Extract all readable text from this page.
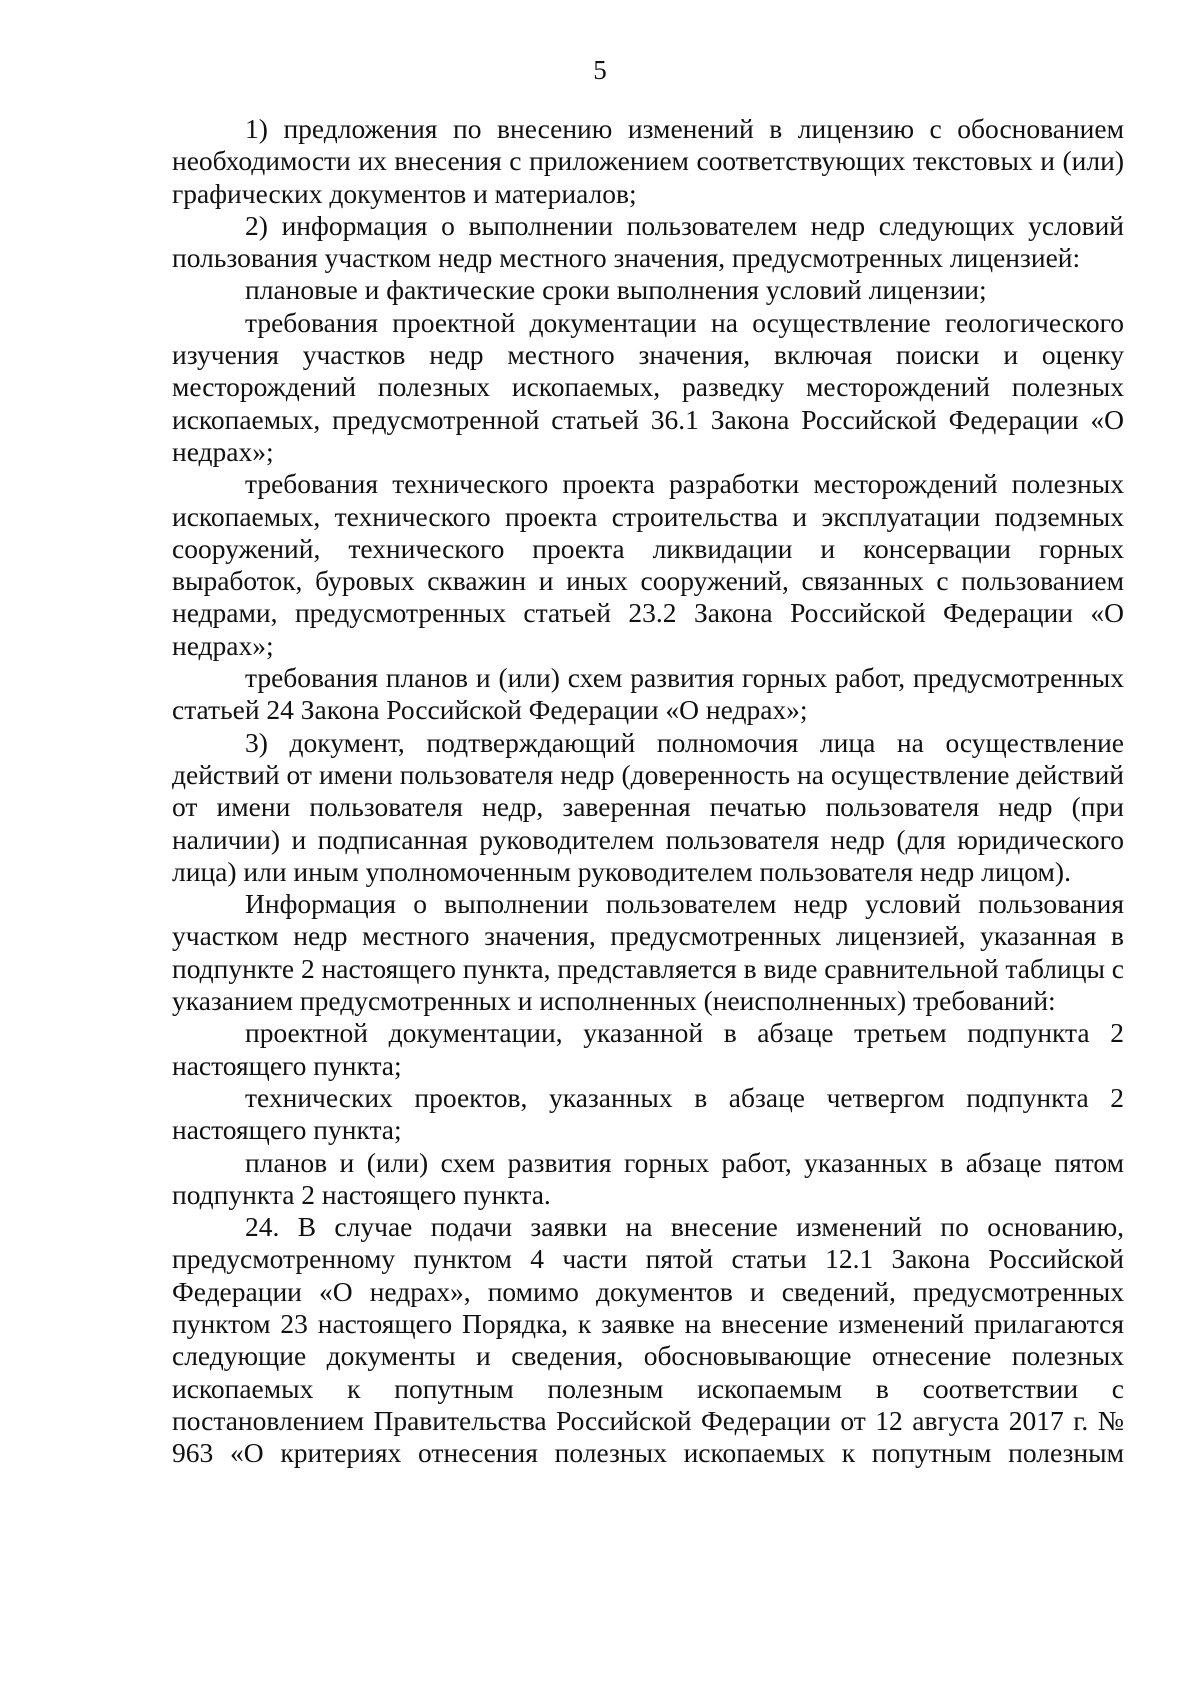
5

1) предложения по внесению изменений в лицензию с обоснованием необходимости их внесения с приложением соответствующих текстовых и (или) графических документов и материалов;

2) информация о выполнении пользователем недр следующих условий пользования участком недр местного значения, предусмотренных лицензией:

плановые и фактические сроки выполнения условий лицензии;

требования проектной документации на осуществление геологического изучения участков недр местного значения, включая поиски и оценку месторождений полезных ископаемых, разведку месторождений полезных ископаемых, предусмотренной статьей 36.1 Закона Российской Федерации «О недрах»;

требования технического проекта разработки месторождений полезных ископаемых, технического проекта строительства и эксплуатации подземных сооружений, технического проекта ликвидации и консервации горных выработок, буровых скважин и иных сооружений, связанных с пользованием недрами, предусмотренных статьей 23.2 Закона Российской Федерации «О недрах»;

требования планов и (или) схем развития горных работ, предусмотренных статьей 24 Закона Российской Федерации «О недрах»;

3) документ, подтверждающий полномочия лица на осуществление действий от имени пользователя недр (доверенность на осуществление действий от имени пользователя недр, заверенная печатью пользователя недр (при наличии) и подписанная руководителем пользователя недр (для юридического лица) или иным уполномоченным руководителем пользователя недр лицом).

Информация о выполнении пользователем недр условий пользования участком недр местного значения, предусмотренных лицензией, указанная в подпункте 2 настоящего пункта, представляется в виде сравнительной таблицы с указанием предусмотренных и исполненных (неисполненных) требований:

проектной документации, указанной в абзаце третьем подпункта 2 настоящего пункта;

технических проектов, указанных в абзаце четвергом подпункта 2 настоящего пункта;

планов и (или) схем развития горных работ, указанных в абзаце пятом подпункта 2 настоящего пункта.

24. В случае подачи заявки на внесение изменений по основанию, предусмотренному пунктом 4 части пятой статьи 12.1 Закона Российской Федерации «О недрах», помимо документов и сведений, предусмотренных пунктом 23 настоящего Порядка, к заявке на внесение изменений прилагаются следующие документы и сведения, обосновывающие отнесение полезных ископаемых к попутным полезным ископаемым в соответствии с постановлением Правительства Российской Федерации от 12 августа 2017 г. № 963 «О критериях отнесения полезных ископаемых к попутным полезным
